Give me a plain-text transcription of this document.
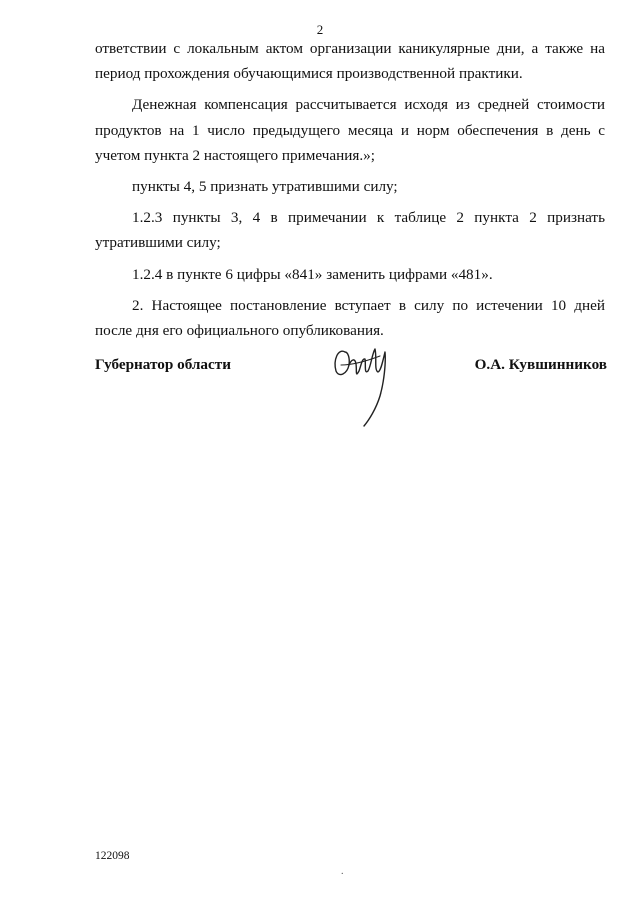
2

ответствии с локальным актом организации каникулярные дни, а также на период прохождения обучающимися производственной практики.

Денежная компенсация рассчитывается исходя из средней стоимости продуктов на 1 число предыдущего месяца и норм обеспечения в день с учетом пункта 2 настоящего примечания.»;

пункты 4, 5 признать утратившими силу;

1.2.3 пункты 3, 4 в примечании к таблице 2 пункта 2 признать утратившими силу;

1.2.4 в пункте 6 цифры «841» заменить цифрами «481».

2. Настоящее постановление вступает в силу по истечении 10 дней после дня его официального опубликования.

Губернатор области	О.А. Кувшинников
122098
.
